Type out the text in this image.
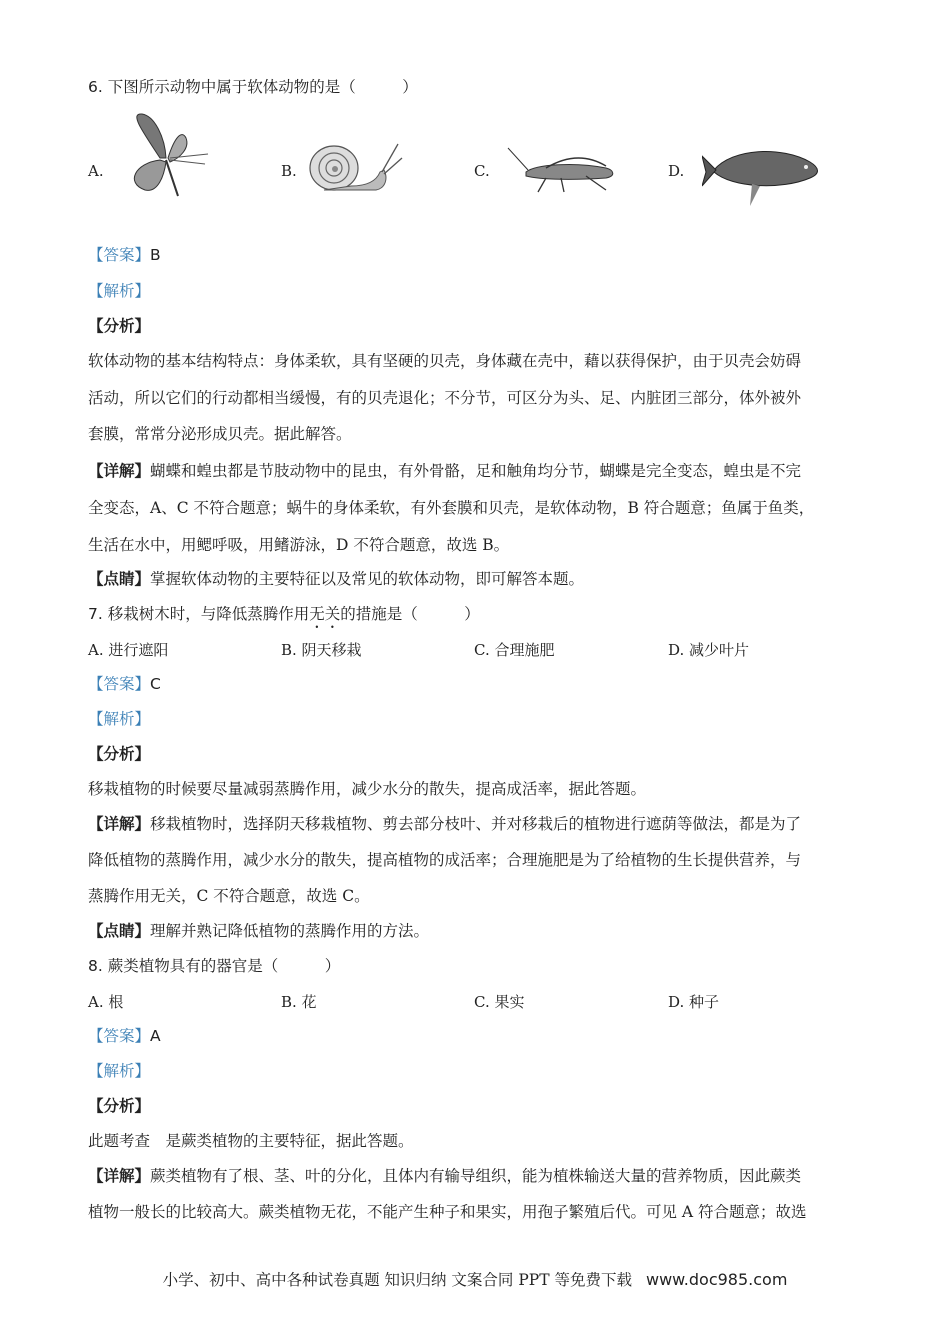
6. 下图所示动物中属于软体动物的是（　　　）
A.	B.	C.	D.
【答案】B
【解析】
【分析】
软体动物的基本结构特点：身体柔软，具有坚硬的贝壳，身体藏在壳中，藉以获得保护，由于贝壳会妨碍
活动，所以它们的行动都相当缓慢，有的贝壳退化；不分节，可区分为头、足、内脏团三部分，体外被外
套膜，常常分泌形成贝壳。据此解答。
【详解】蝴蝶和蝗虫都是节肢动物中的昆虫，有外骨骼，足和触角均分节，蝴蝶是完全变态，蝗虫是不完
全变态，A、C 不符合题意；蜗牛的身体柔软，有外套膜和贝壳，是软体动物，B 符合题意；鱼属于鱼类，
生活在水中，用鳃呼吸，用鳍游泳，D 不符合题意，故选 B。
【点睛】掌握软体动物的主要特征以及常见的软体动物，即可解答本题。
7. 移栽树木时，与降低蒸腾作用无关的措施是（　　　）
A. 进行遮阳	B. 阴天移栽	C. 合理施肥	D. 减少叶片
【答案】C
【解析】
【分析】
移栽植物的时候要尽量减弱蒸腾作用，减少水分的散失，提高成活率，据此答题。
【详解】移栽植物时，选择阴天移栽植物、剪去部分枝叶、并对移栽后的植物进行遮荫等做法，都是为了
降低植物的蒸腾作用，减少水分的散失，提高植物的成活率；合理施肥是为了给植物的生长提供营养，与
蒸腾作用无关，C 不符合题意，故选 C。
【点睛】理解并熟记降低植物的蒸腾作用的方法。
8. 蕨类植物具有的器官是（　　　）
A. 根	B. 花	C. 果实	D. 种子
【答案】A
【解析】
【分析】
此题考查　是蕨类植物的主要特征，据此答题。
【详解】蕨类植物有了根、茎、叶的分化，且体内有输导组织，能为植株输送大量的营养物质，因此蕨类
植物一般长的比较高大。蕨类植物无花，不能产生种子和果实，用孢子繁殖后代。可见 A 符合题意；故选
小学、初中、高中各种试卷真题 知识归纳 文案合同 PPT 等免费下载 www.doc985.com
